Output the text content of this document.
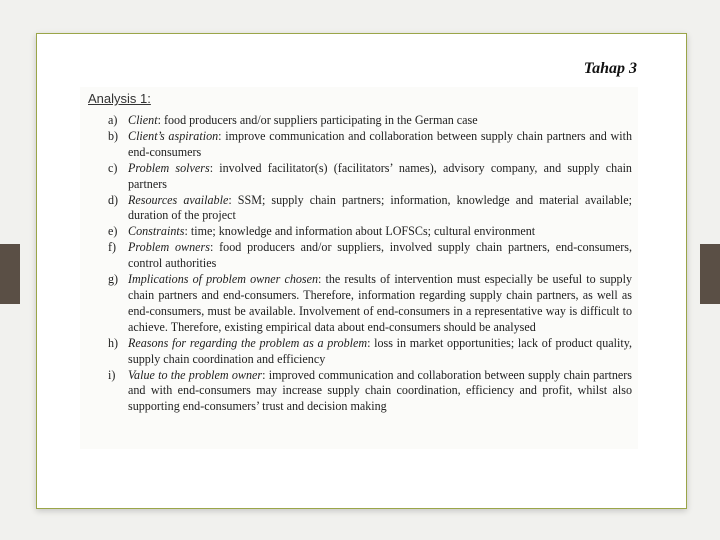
Tahap 3
Analysis 1:
a) Client: food producers and/or suppliers participating in the German case
b) Client’s aspiration: improve communication and collaboration between supply chain partners and with end-consumers
c) Problem solvers: involved facilitator(s) (facilitators’ names), advisory company, and supply chain partners
d) Resources available: SSM; supply chain partners; information, knowledge and material available; duration of the project
e) Constraints: time; knowledge and information about LOFSCs; cultural environment
f) Problem owners: food producers and/or suppliers, involved supply chain partners, end-consumers, control authorities
g) Implications of problem owner chosen: the results of intervention must especially be useful to supply chain partners and end-consumers. Therefore, information regarding supply chain partners, as well as end-consumers, must be available. Involvement of end-consumers in a representative way is difficult to achieve. Therefore, existing empirical data about end-consumers should be analysed
h) Reasons for regarding the problem as a problem: loss in market opportunities; lack of product quality, supply chain coordination and efficiency
i) Value to the problem owner: improved communication and collaboration between supply chain partners and with end-consumers may increase supply chain coordination, efficiency and profit, whilst also supporting end-consumers’ trust and decision making
